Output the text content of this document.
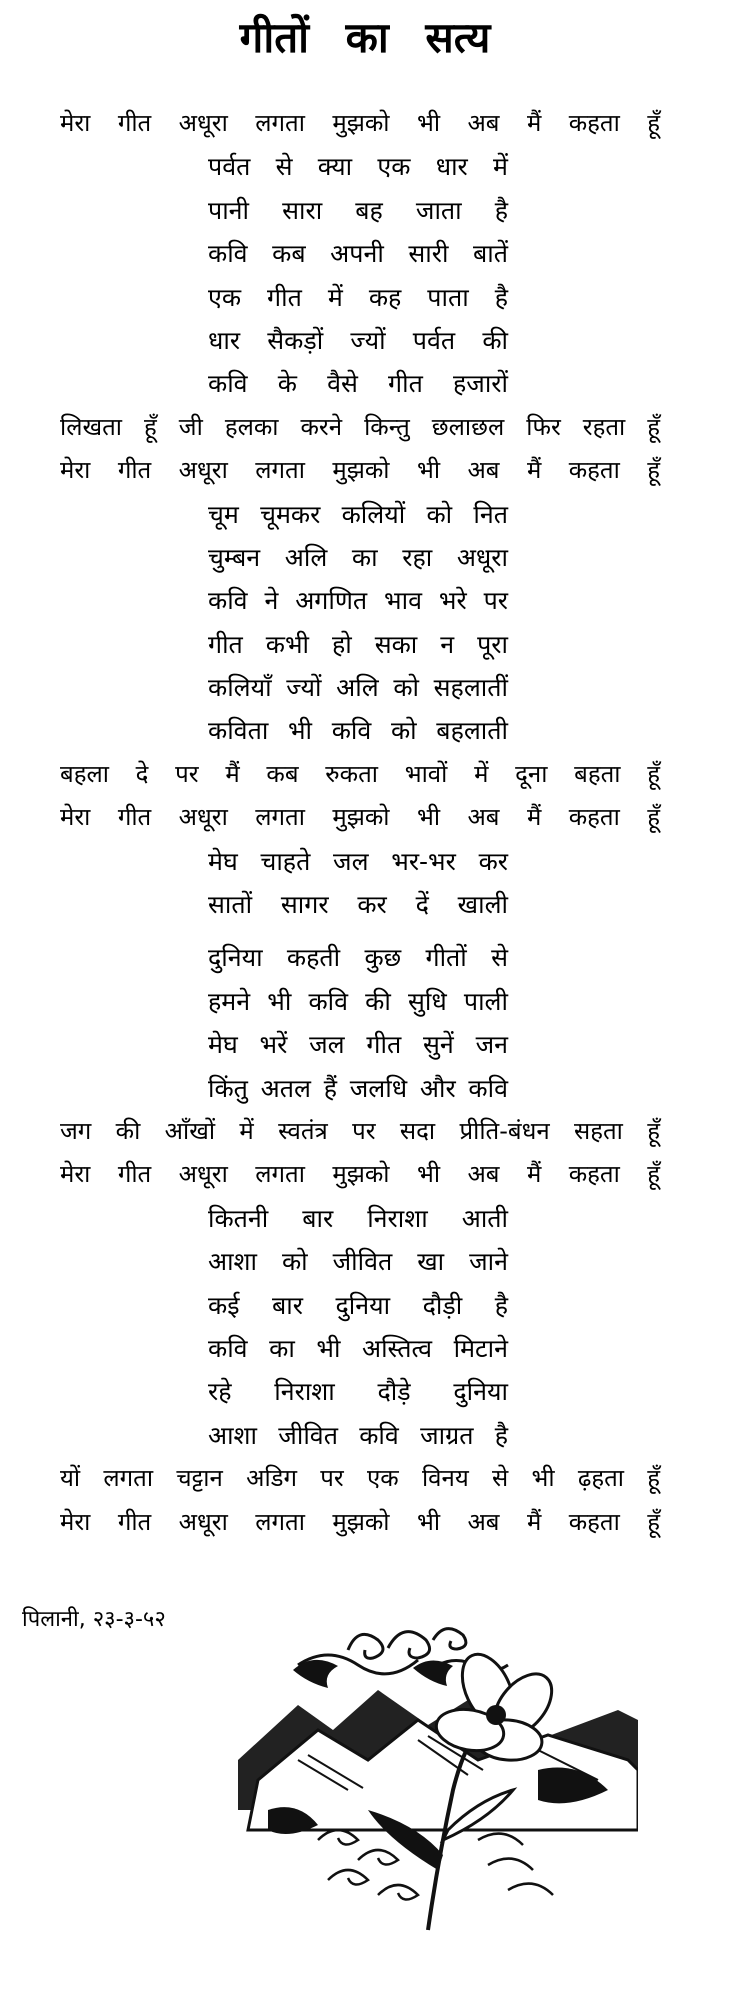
गीतों का सत्य
मेरा गीत अधूरा लगता मुझको भी अब मैं कहता हूँ
पर्वत से क्या एक धार में
पानी सारा बह जाता है
कवि कब अपनी सारी बातें
एक गीत में कह पाता है
धार सैकड़ों ज्यों पर्वत की
कवि के वैसे गीत हजारों
लिखता हूँ जी हलका करने किन्तु छलाछल फिर रहता हूँ
मेरा गीत अधूरा लगता मुझको भी अब मैं कहता हूँ
चूम चूमकर कलियों को नित
चुम्बन अलि का रहा अधूरा
कवि ने अगणित भाव भरे पर
गीत कभी हो सका न पूरा
कलियाँ ज्यों अलि को सहलातीं
कविता भी कवि को बहलाती
बहला दे पर मैं कब रुकता भावों में दूना बहता हूँ
मेरा गीत अधूरा लगता मुझको भी अब मैं कहता हूँ
मेघ चाहते जल भर-भर कर
सातों सागर कर दें खाली
दुनिया कहती कुछ गीतों से
हमने भी कवि की सुधि पाली
मेघ भरें जल गीत सुनें जन
किंतु अतल हैं जलधि और कवि
जग की आँखों में स्वतंत्र पर सदा प्रीति-बंधन सहता हूँ
मेरा गीत अधूरा लगता मुझको भी अब मैं कहता हूँ
कितनी बार निराशा आती
आशा को जीवित खा जाने
कई बार दुनिया दौड़ी है
कवि का भी अस्तित्व मिटाने
रहे निराशा दौड़े दुनिया
आशा जीवित कवि जाग्रत है
यों लगता चट्टान अडिग पर एक विनय से भी ढ़हता हूँ
मेरा गीत अधूरा लगता मुझको भी अब मैं कहता हूँ
पिलानी, २३-३-५२
